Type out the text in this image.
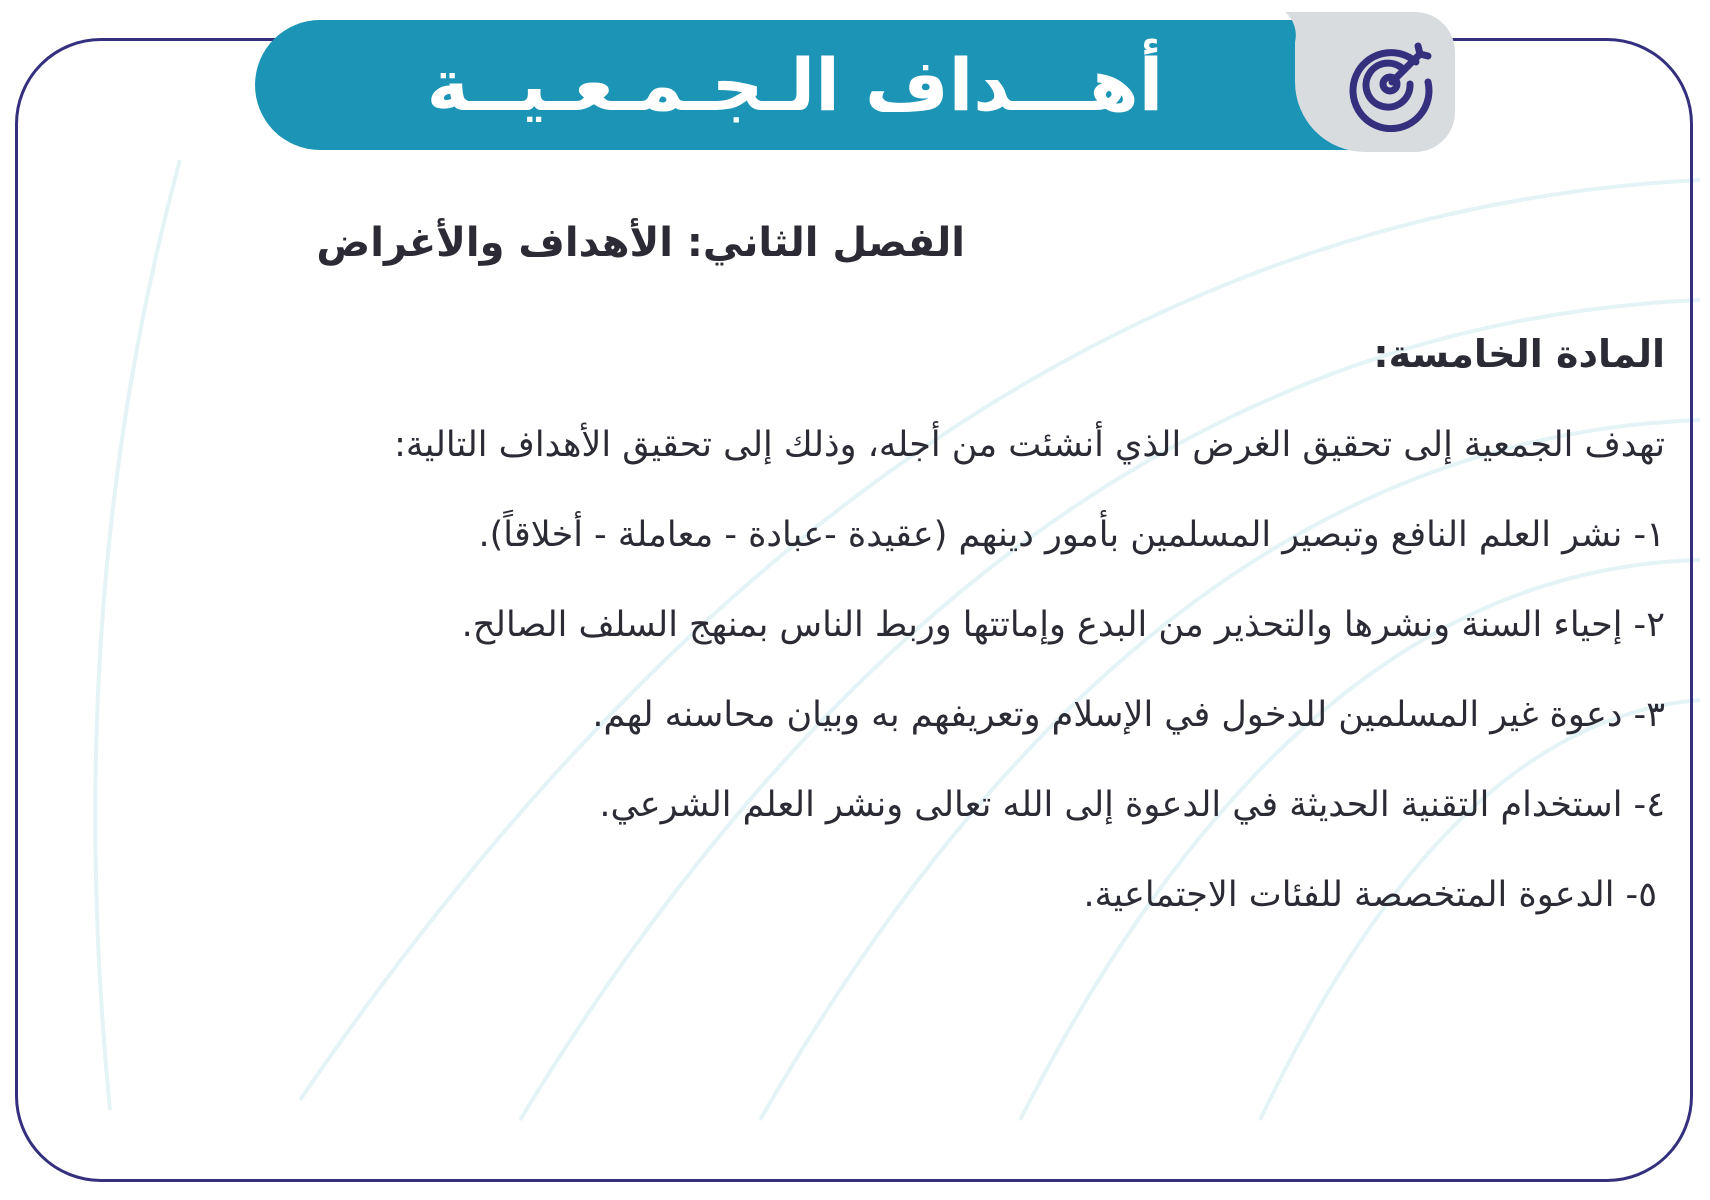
أهـــداف الـجـمـعـيــة
الفصل الثاني: الأهداف والأغراض
المادة الخامسة:
تهدف الجمعية إلى تحقيق الغرض الذي أنشئت من أجله، وذلك إلى تحقيق الأهداف التالية:
١- نشر العلم النافع وتبصير المسلمين بأمور دينهم (عقيدة -عبادة - معاملة - أخلاقاً).
٢- إحياء السنة ونشرها والتحذير من البدع وإماتتها وربط الناس بمنهج السلف الصالح.
٣- دعوة غير المسلمين للدخول في الإسلام وتعريفهم به وبيان محاسنه لهم.
٤- استخدام التقنية الحديثة في الدعوة إلى الله تعالى ونشر العلم الشرعي.
٥- الدعوة المتخصصة للفئات الاجتماعية.
